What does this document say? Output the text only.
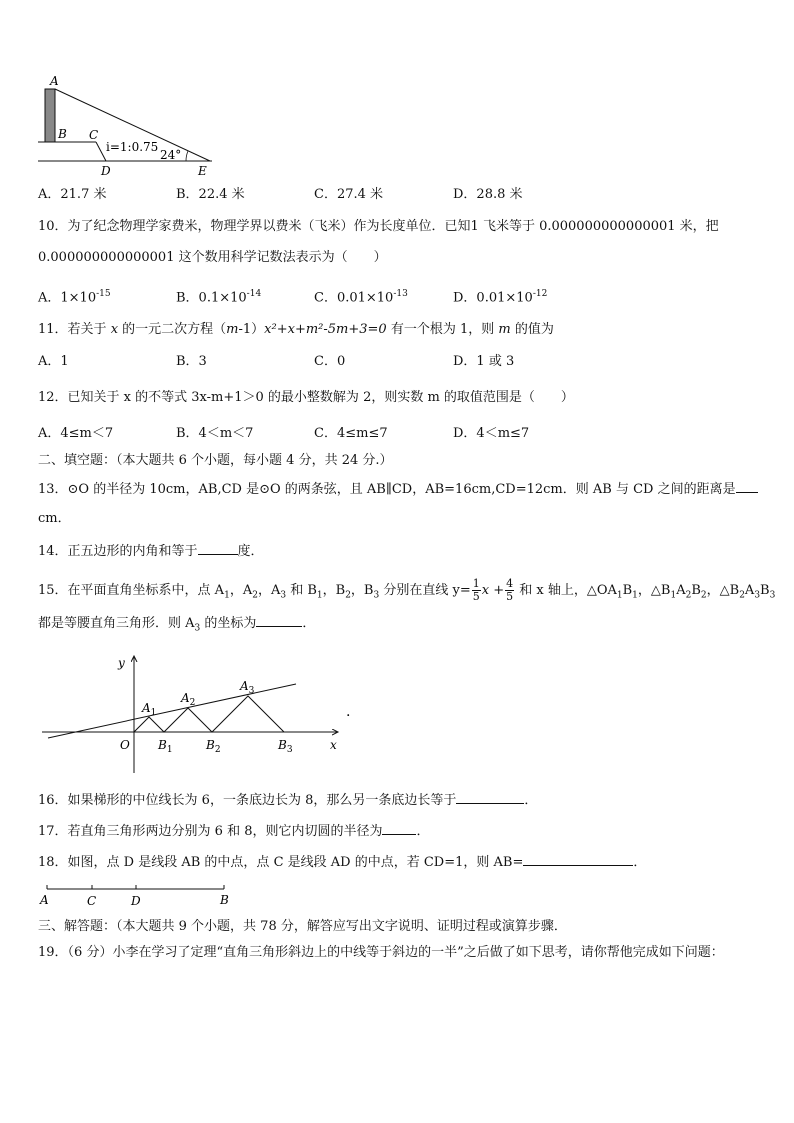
A
B C
i=1:0.75
24°
D	E
A．21.7 米	B．22.4 米	C．27.4 米	D．28.8 米
10．为了纪念物理学家费米，物理学界以费米（飞米）作为长度单位．已知1 飞米等于 0.000000000000001 米，把
0.000000000000001 这个数用科学记数法表示为（　　）
A．$1\times 10^{-15}$	B．$0.1\times 10^{-14}$	C．$0.01\times 10^{-13}$	D．$0.01\times 10^{-12}$
11．若关于 x 的一元二次方程（m-1）x²+x+m²-5m+3=0 有一个根为 1，则 m 的值为
A．1	B．3	C．0	D．1 或 3
12．已知关于 x 的不等式 3x-m+1＞0 的最小整数解为 2，则实数 m 的取值范围是（　　）
A．4≤m＜7	B．4＜m＜7	C．4≤m≤7	D．4＜m≤7
二、填空题：（本大题共 6 个小题，每小题 4 分，共 24 分.）
13．⊙O 的半径为 10cm，AB,CD 是⊙O 的两条弦，且 AB∥CD，AB=16cm,CD=12cm．则 AB 与 CD 之间的距离是
cm．
14．正五边形的内角和等于	度．
15．在平面直角坐标系中，点 $A_1$，$A_2$，$A_3$ 和 $B_1$，$B_2$，$B_3$ 分别在直线 $y= \frac{1}{5}$ $x + \frac{4}{5}$ 和 x 轴上，$\triangle OA_1B_1$，$\triangle B_1A_2B_2$，$\triangle B_2A_3B_3$
都是等腰直角三角形．则 $A_3$ 的坐标为	．
y
x
O
$A_1$
$A_2$
$A_3$
$B_1$	$B_2$	$B_3$
.
16．如果梯形的中位线长为 6，一条底边长为 8，那么另一条底边长等于	．
17．若直角三角形两边分别为 6 和 8，则它内切圆的半径为	．
18．如图，点 D 是线段 AB 的中点，点 C 是线段 AD 的中点，若 CD=1，则 AB=	．
A	C	D	B
三、解答题：（本大题共 9 个小题，共 78 分，解答应写出文字说明、证明过程或演算步骤．
19．（6 分）小李在学习了定理“直角三角形斜边上的中线等于斜边的一半”之后做了如下思考，请你帮他完成如下问题：
